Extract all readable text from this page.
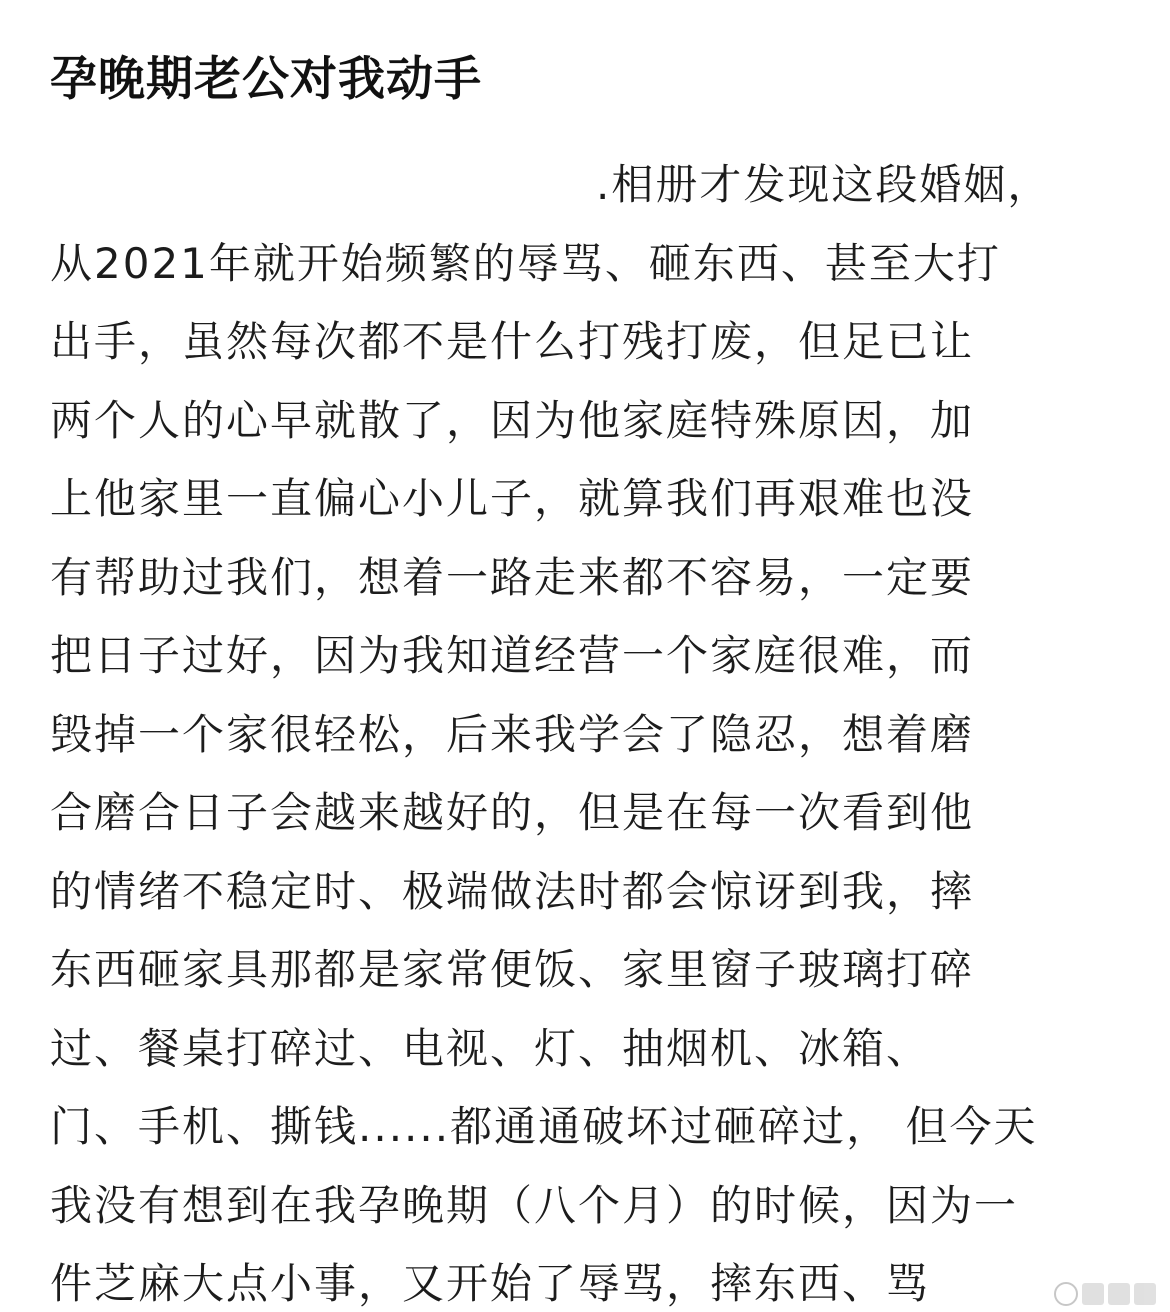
孕晚期老公对我动手
.相册才发现这段婚姻，
从2021年就开始频繁的辱骂、砸东西、甚至大打
出手，虽然每次都不是什么打残打废，但足已让
两个人的心早就散了，因为他家庭特殊原因，加
上他家里一直偏心小儿子，就算我们再艰难也没
有帮助过我们，想着一路走来都不容易，一定要
把日子过好，因为我知道经营一个家庭很难，而
毁掉一个家很轻松，后来我学会了隐忍，想着磨
合磨合日子会越来越好的，但是在每一次看到他
的情绪不稳定时、极端做法时都会惊讶到我，摔
东西砸家具那都是家常便饭、家里窗子玻璃打碎
过、餐桌打碎过、电视、灯、抽烟机、冰箱、
门、手机、撕钱......都通通破坏过砸碎过， 但今天
我没有想到在我孕晚期（八个月）的时候，因为一
件芝麻大点小事，又开始了辱骂，摔东西、骂
